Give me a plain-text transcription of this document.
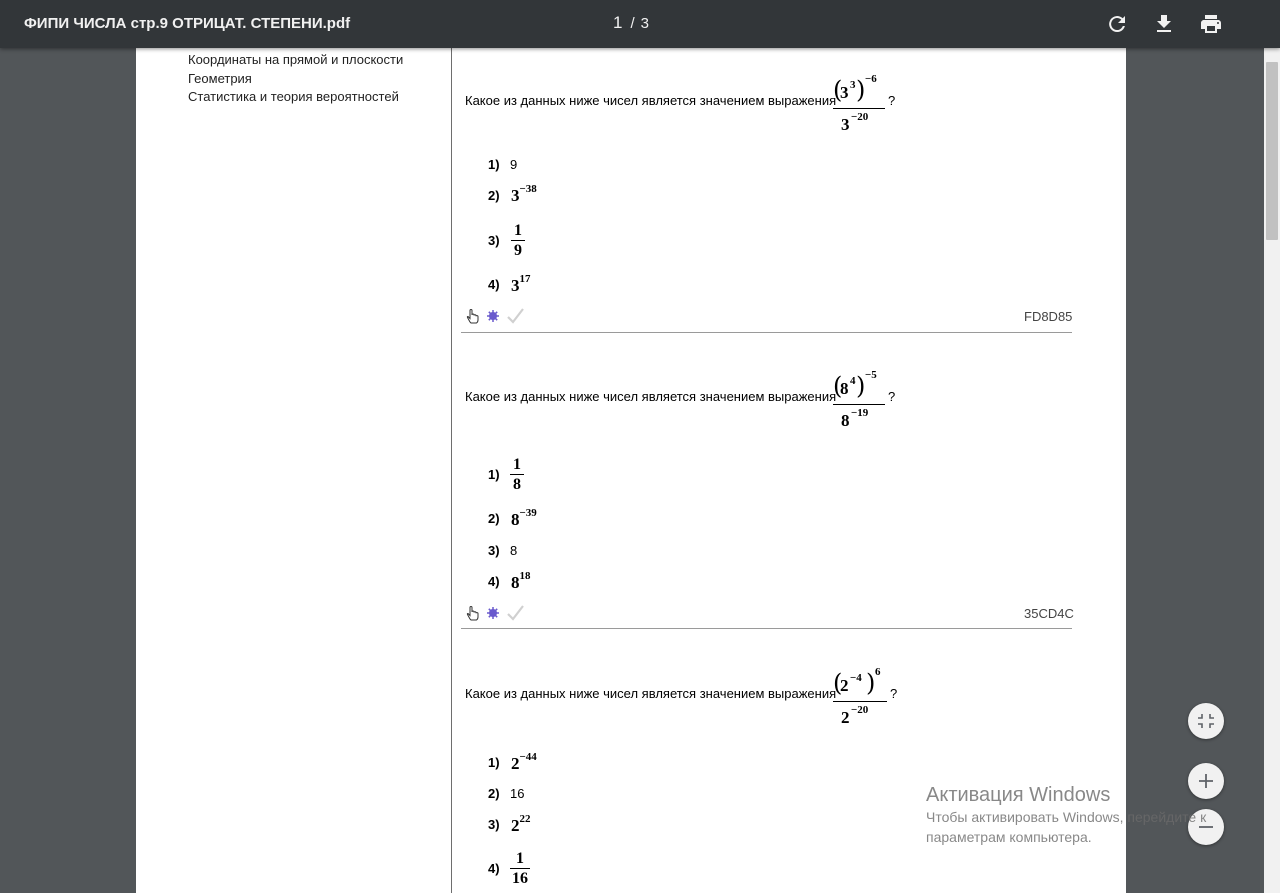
ФИПИ ЧИСЛА стр.9 ОТРИЦАТ. СТЕПЕНИ.pdf	1 / 3
Координаты на прямой и плоскости
Геометрия
Статистика и теория вероятностей	Какое из данных ниже чисел является значением выражения
(
3 3 ) −6
3 −20
?
1) 9
2) $3^{-38}$
3)
1
9
4) $3^{17}$
FD8D85
Какое из данных ниже чисел является значением выражения
(
8 4 ) −5
8 −19
?
1)
1
8
2) $8^{-39}$
3) 8
4) $8^{18}$
35CD4C
Какое из данных ниже чисел является значением выражения
(
2 −4 ) 6
2 −20
?
1) $2^{-44}$
2) 16
3) $2^{22}$
4)
1
16
Активация Windows
Чтобы активировать Windows, перейдите к
параметрам компьютера.
